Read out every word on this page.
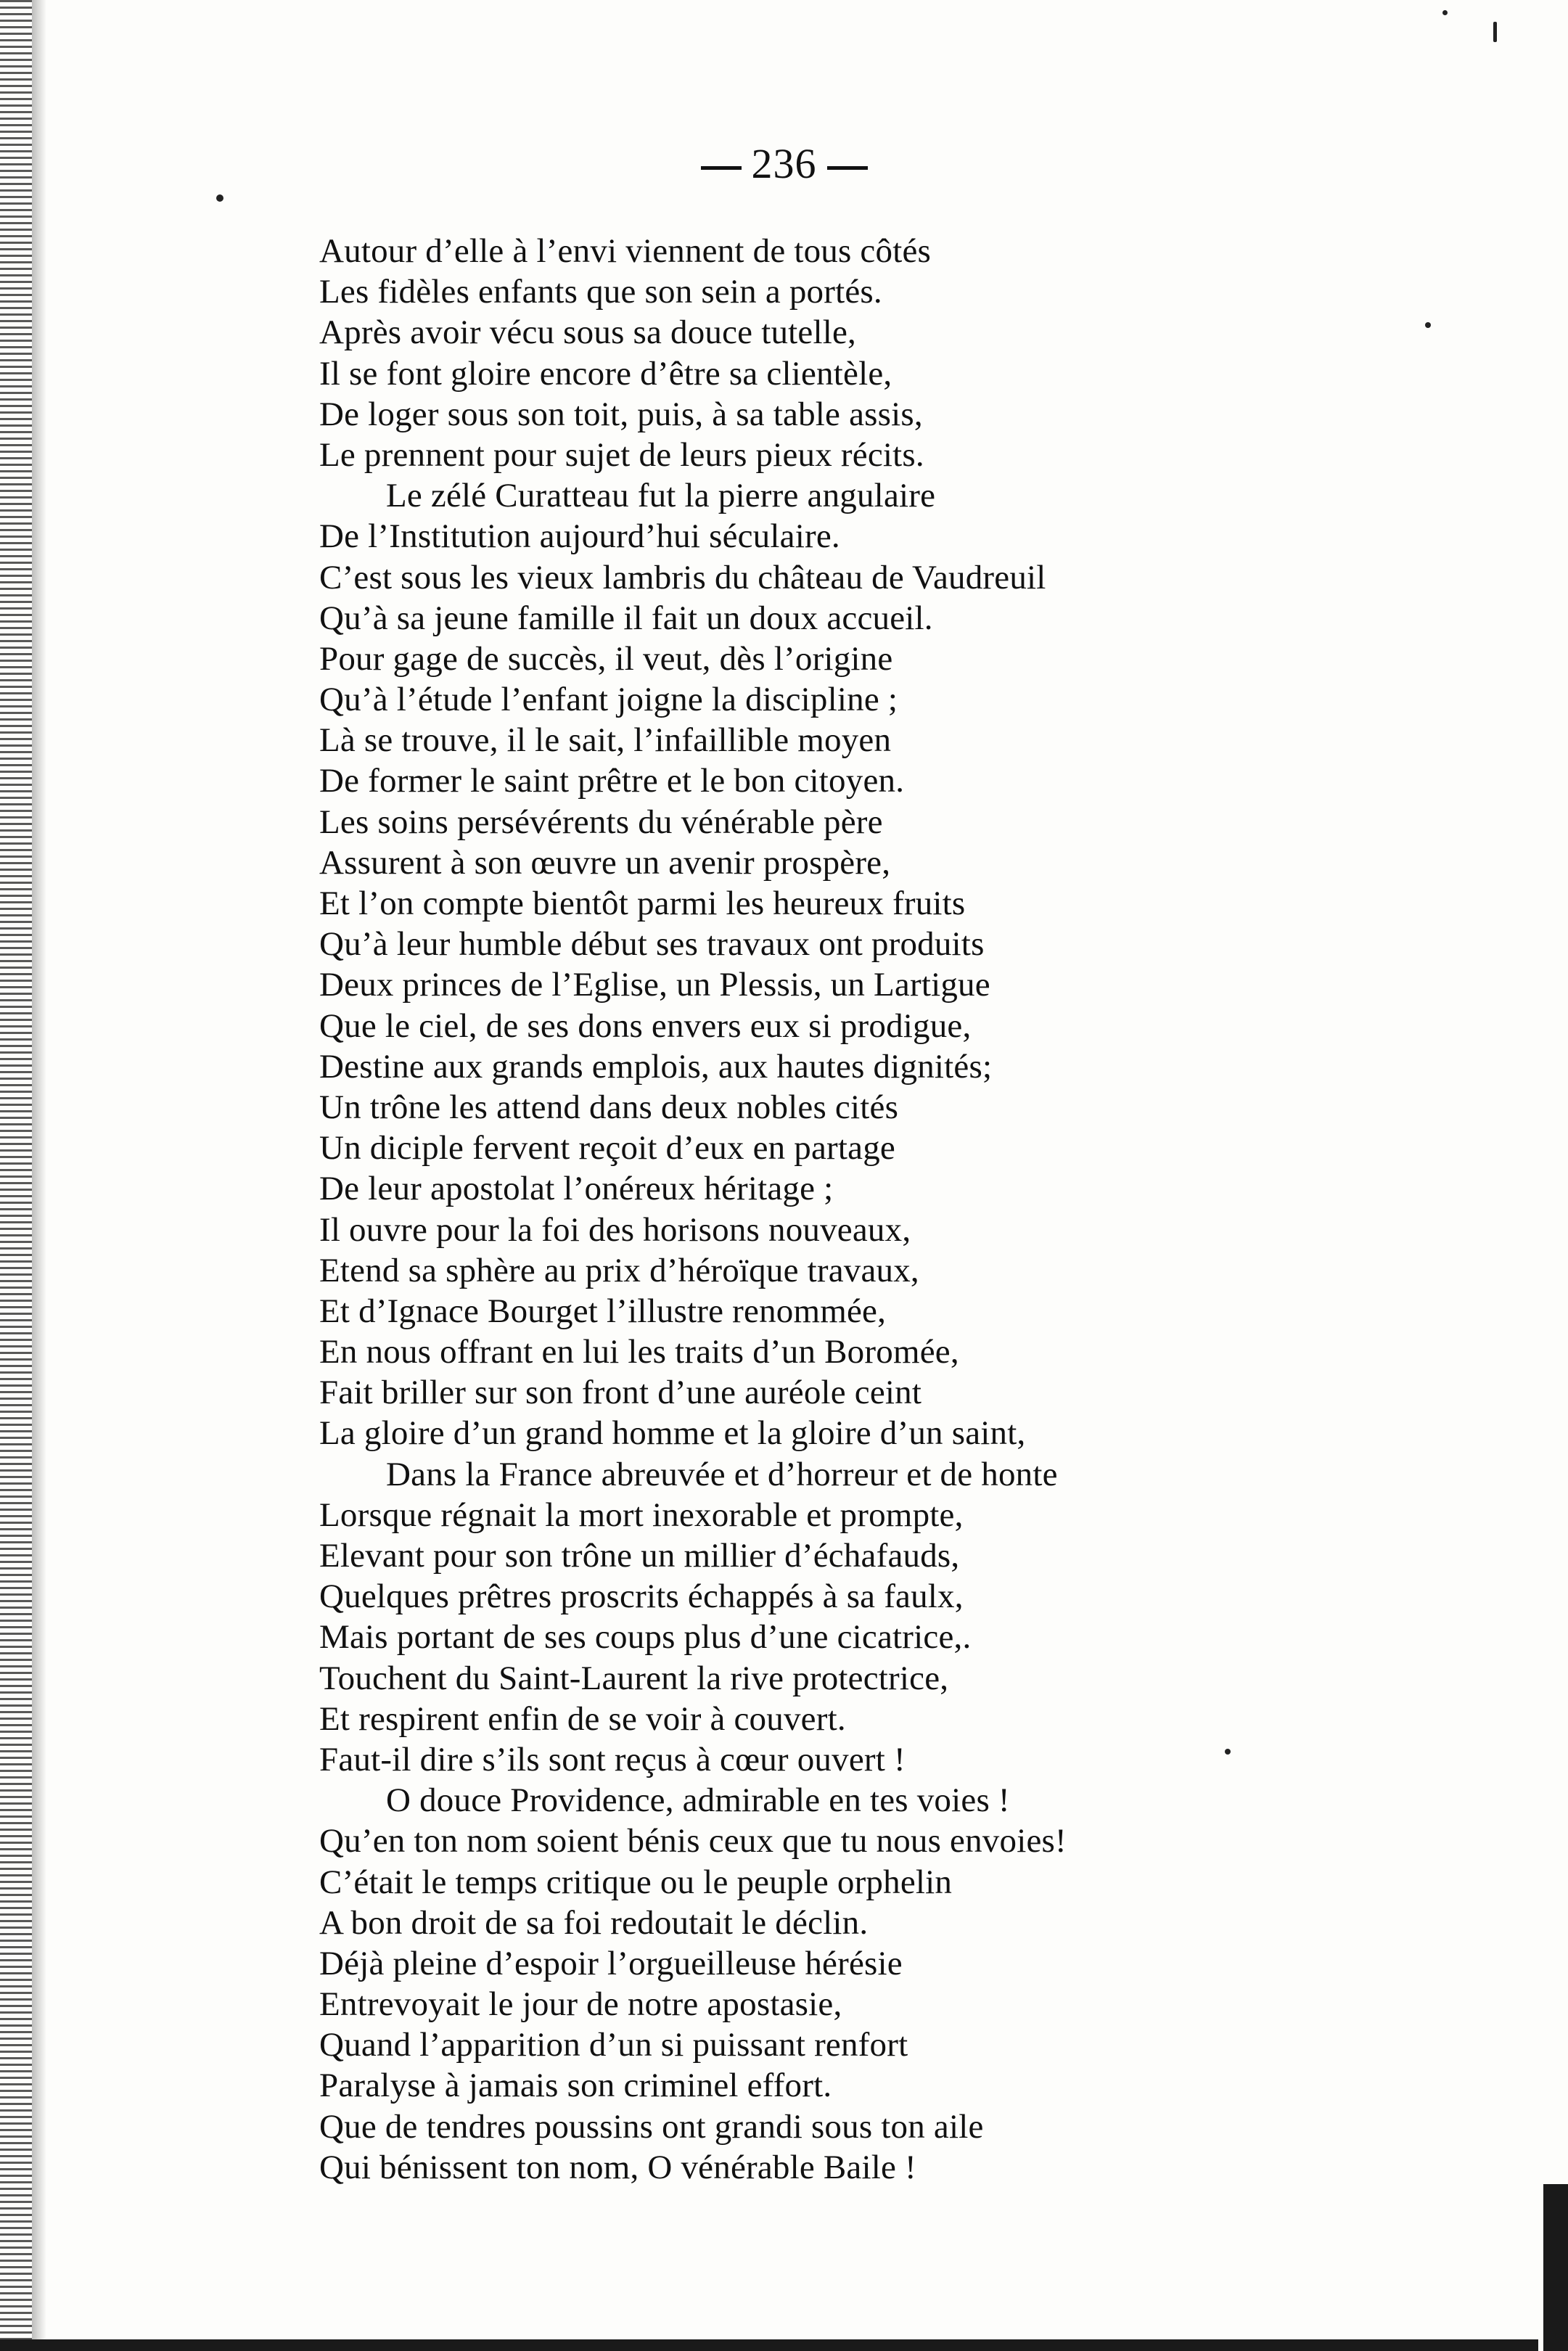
236
Autour d’elle à l’envi viennent de tous côtés
Les fidèles enfants que son sein a portés.
Après avoir vécu sous sa douce tutelle,
Il se font gloire encore d’être sa clientèle,
De loger sous son toit, puis, à sa table assis,
Le prennent pour sujet de leurs pieux récits.
Le zélé Curatteau fut la pierre angulaire
De l’Institution aujourd’hui séculaire.
C’est sous les vieux lambris du château de Vaudreuil
Qu’à sa jeune famille il fait un doux accueil.
Pour gage de succès, il veut, dès l’origine
Qu’à l’étude l’enfant joigne la discipline ;
Là se trouve, il le sait, l’infaillible moyen
De former le saint prêtre et le bon citoyen.
Les soins persévérents du vénérable père
Assurent à son œuvre un avenir prospère,
Et l’on compte bientôt parmi les heureux fruits
Qu’à leur humble début ses travaux ont produits
Deux princes de l’Eglise, un Plessis, un Lartigue
Que le ciel, de ses dons envers eux si prodigue,
Destine aux grands emplois, aux hautes dignités;
Un trône les attend dans deux nobles cités
Un diciple fervent reçoit d’eux en partage
De leur apostolat l’onéreux héritage ;
Il ouvre pour la foi des horisons nouveaux,
Etend sa sphère au prix d’héroïque travaux,
Et d’Ignace Bourget l’illustre renommée,
En nous offrant en lui les traits d’un Boromée,
Fait briller sur son front d’une auréole ceint
La gloire d’un grand homme et la gloire d’un saint,
Dans la France abreuvée et d’horreur et de honte
Lorsque régnait la mort inexorable et prompte,
Elevant pour son trône un millier d’échafauds,
Quelques prêtres proscrits échappés à sa faulx,
Mais portant de ses coups plus d’une cicatrice,.
Touchent du Saint-Laurent la rive protectrice,
Et respirent enfin de se voir à couvert.
Faut-il dire s’ils sont reçus à cœur ouvert !
O douce Providence, admirable en tes voies !
Qu’en ton nom soient bénis ceux que tu nous envoies!
C’était le temps critique ou le peuple orphelin
A bon droit de sa foi redoutait le déclin.
Déjà pleine d’espoir l’orgueilleuse hérésie
Entrevoyait le jour de notre apostasie,
Quand l’apparition d’un si puissant renfort
Paralyse à jamais son criminel effort.
Que de tendres poussins ont grandi sous ton aile
Qui bénissent ton nom, O vénérable Baile !
